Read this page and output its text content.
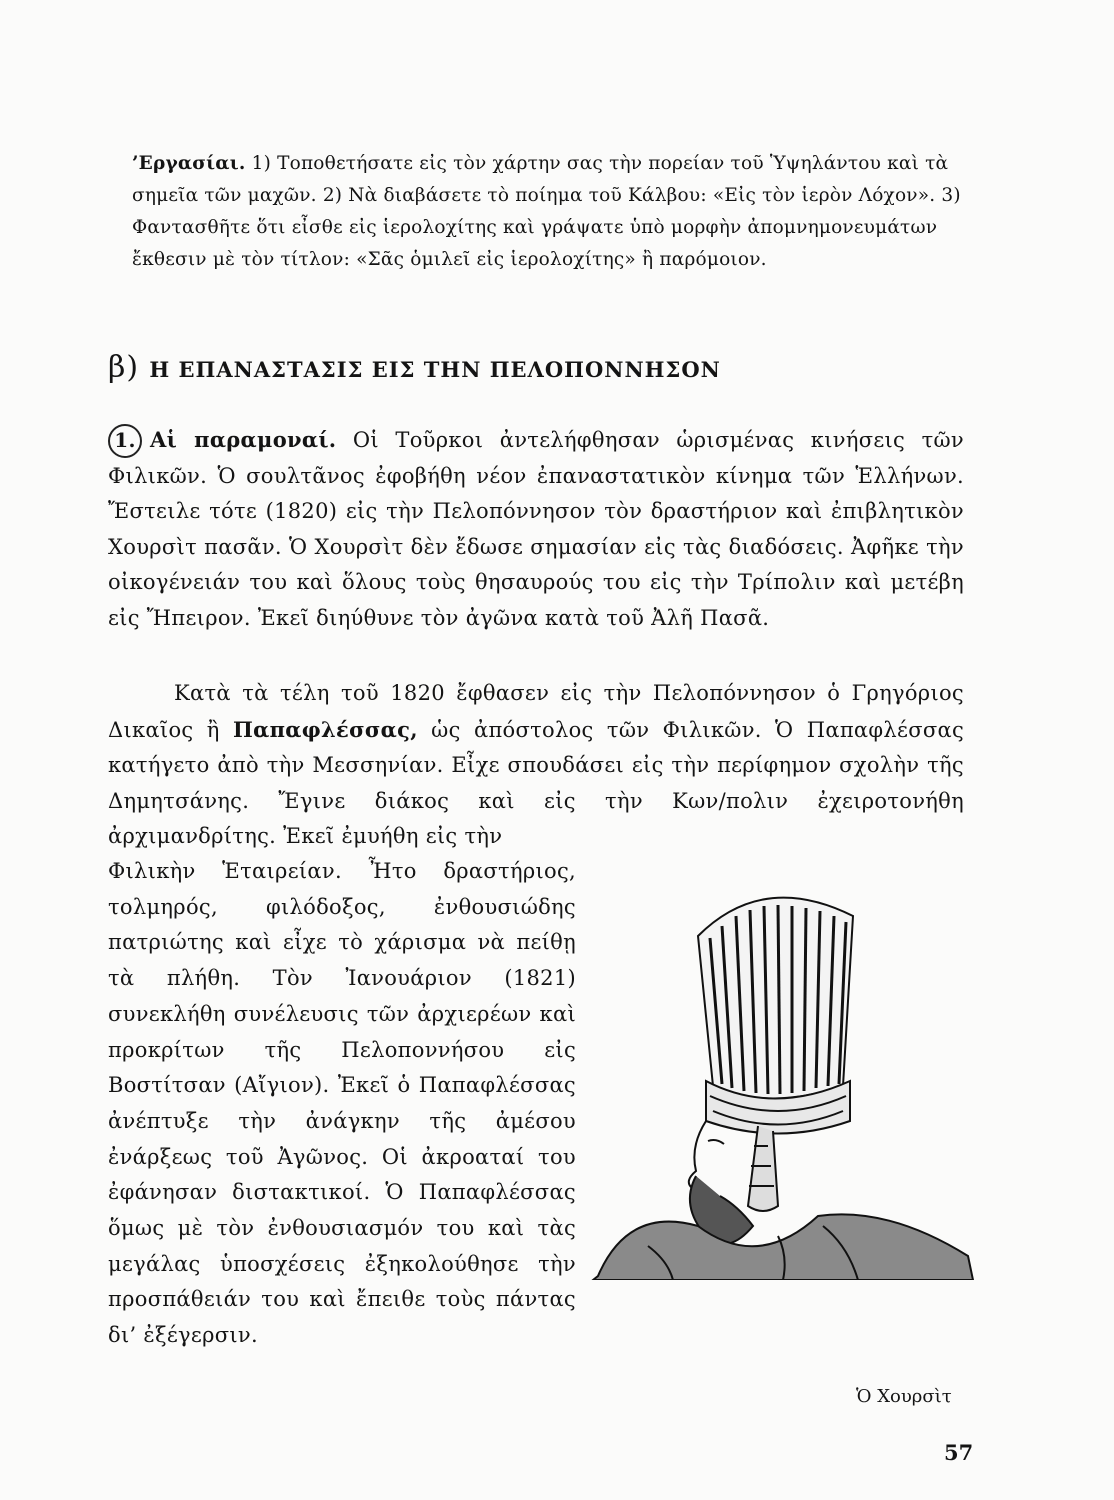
’Εργασίαι. 1) Τοποθετήσατε εἰς τὸν χάρτην σας τὴν πορείαν τοῦ Ὑψηλάντου καὶ τὰ σημεῖα τῶν μαχῶν. 2) Νὰ διαβάσετε τὸ ποίημα τοῦ Κάλβου: «Εἰς τὸν ἱερὸν Λόχον». 3) Φαντασθῆτε ὅτι εἶσθε εἰς ἱερολοχίτης καὶ γράψατε ὑπὸ μορφὴν ἀπομνημονευμάτων ἔκθεσιν μὲ τὸν τίτλον: «Σᾶς ὁμιλεῖ εἰς ἱερολοχίτης» ἢ παρόμοιον.
β) Η ΕΠΑΝΑΣΤΑΣΙΣ ΕΙΣ ΤΗΝ ΠΕΛΟΠΟΝΝΗΣΟΝ
1. Αἱ παραμοναί. Οἱ Τοῦρκοι ἀντελήφθησαν ὡρισμένας κινήσεις τῶν Φιλικῶν. Ὁ σουλτᾶνος ἐφοβήθη νέον ἐπαναστατικὸν κίνημα τῶν Ἑλλήνων. Ἔστειλε τότε (1820) εἰς τὴν Πελοπόννησον τὸν δραστήριον καὶ ἐπιβλητικὸν Χουρσὶτ πασᾶν. Ὁ Χουρσὶτ δὲν ἔδωσε σημασίαν εἰς τὰς διαδόσεις. Ἀφῆκε τὴν οἰκογένειάν του καὶ ὅλους τοὺς θησαυρούς του εἰς τὴν Τρίπολιν καὶ μετέβη εἰς Ἤπειρον. Ἐκεῖ διηύθυνε τὸν ἀγῶνα κατὰ τοῦ Ἀλῆ Πασᾶ.
Κατὰ τὰ τέλη τοῦ 1820 ἔφθασεν εἰς τὴν Πελοπόννησον ὁ Γρηγόριος Δικαῖος ἢ Παπαφλέσσας, ὡς ἀπόστολος τῶν Φιλικῶν. Ὁ Παπαφλέσσας κατήγετο ἀπὸ τὴν Μεσσηνίαν. Εἶχε σπουδάσει εἰς τὴν περίφημον σχολὴν τῆς Δημητσάνης. Ἔγινε διάκος καὶ εἰς τὴν Κων/πολιν ἐχειροτονήθη ἀρχιμανδρίτης. Ἐκεῖ ἐμυήθη εἰς τὴν
Φιλικὴν Ἑταιρείαν. Ἦτο δραστήριος, τολμηρός, φιλόδοξος, ἐνθουσιώδης πατριώτης καὶ εἶχε τὸ χάρισμα νὰ πείθῃ τὰ πλήθη. Τὸν Ἰανουάριον (1821) συνεκλήθη συνέλευσις τῶν ἀρχιερέων καὶ προκρίτων τῆς Πελοποννήσου εἰς Βοστίτσαν (Αἴγιον). Ἐκεῖ ὁ Παπαφλέσσας ἀνέπτυξε τὴν ἀνάγκην τῆς ἀμέσου ἐνάρξεως τοῦ Ἀγῶνος. Οἱ ἀκροαταί του ἐφάνησαν διστακτικοί. Ὁ Παπαφλέσσας ὅμως μὲ τὸν ἐνθουσιασμόν του καὶ τὰς μεγάλας ὑποσχέσεις ἐξηκολούθησε τὴν προσπάθειάν του καὶ ἔπειθε τοὺς πάντας δι’ ἐξέγερσιν.
Ὁ Χουρσὶτ
57
